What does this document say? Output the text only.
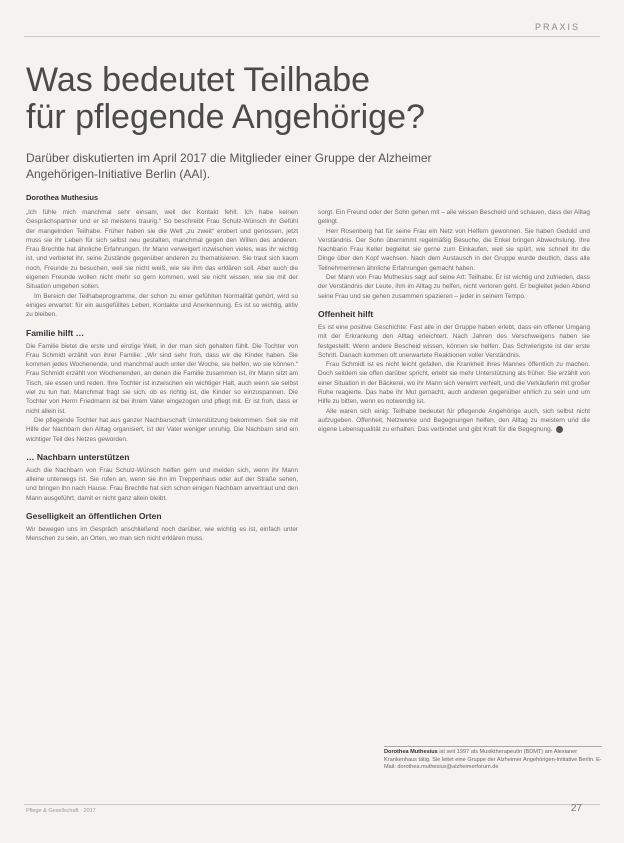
PRAXIS
Was bedeutet Teilhabe
für pflegende Angehörige?

Darüber diskutierten im April 2017 die Mitglieder einer Gruppe der Alzheimer Angehörigen-Initiative Berlin (AAI).

Dorothea Muthesius

„Ich fühle mich manchmal sehr einsam, weil der Kontakt fehlt. Ich habe keinen Gesprächspartner und er ist meistens traurig.“ So beschreibt Frau Schulz-Wünsch ihr Gefühl der mangelnden Teilhabe. Früher haben sie die Welt „zu zweit“ erobert und genossen, jetzt muss sie ihr Leben für sich selbst neu gestalten, manchmal gegen den Willen des anderen. Frau Brechtle hat ähnliche Erfahrungen. Ihr Mann verweigert inzwischen vieles, was ihr wichtig ist, und verbietet ihr, seine Zustände gegenüber anderen zu thematisieren. Sie traut sich kaum noch, Freunde zu besuchen, weil sie nicht weiß, wie sie ihm das erklären soll. Aber auch die eigenen Freunde wollen nicht mehr so gern kommen, weil sie nicht wissen, wie sie mit der Situation umgehen sollen.

Im Bereich der Teilhabeprogramme, der schon zu einer gefühlten Normalität gehört, wird so einiges erwartet: für ein ausgefülltes Leben, Kontakte und Anerkennung. Es ist so wichtig, aktiv zu bleiben.

Familie hilft …

Die Familie bietet die erste und einzige Welt, in der man sich gehalten fühlt. Die Tochter von Frau Schmidt erzählt von ihrer Familie: „Wir sind sehr froh, dass wir die Kinder haben. Sie kommen jedes Wochenende, und manchmal auch unter der Woche, sie helfen, wo sie können.“ Frau Schmidt erzählt von Wochenenden, an denen die Familie zusammen ist, ihr Mann sitzt am Tisch, sie essen und reden. Ihre Tochter ist inzwischen ein wichtiger Halt, auch wenn sie selbst viel zu tun hat. Manchmal fragt sie sich, ob es richtig ist, die Kinder so einzuspannen. Die Tochter von Herrn Friedmann ist bei ihrem Vater eingezogen und pflegt mit. Er ist froh, dass er nicht allein ist.

Die pflegende Tochter hat aus ganzer Nachbarschaft Unterstützung bekommen. Seit sie mit Hilfe der Nachbarn den Alltag organisiert, ist der Vater weniger unruhig. Die Nachbarn sind ein wichtiger Teil des Netzes geworden.

… Nachbarn unterstützen

Auch die Nachbarn von Frau Schulz-Wünsch helfen gern und melden sich, wenn ihr Mann alleine unterwegs ist. Sie rufen an, wenn sie ihn im Treppenhaus oder auf der Straße sehen, und bringen ihn nach Hause. Frau Brechtle hat sich schon einigen Nachbarn anvertraut und den Mann ausgeführt, damit er nicht ganz allein bleibt.

Geselligkeit an öffentlichen Orten

Wir bewegen uns im Gespräch anschließend noch darüber, wie wichtig es ist, einfach unter Menschen zu sein, an Orten, wo man sich nicht erklären muss.

sorgt. Ein Freund oder der Sohn gehen mit – alle wissen Bescheid und schauen, dass der Alltag gelingt.

Herr Rosenberg hat für seine Frau ein Netz von Helfern gewonnen. Sie haben Geduld und Verständnis. Der Sohn übernimmt regelmäßig Besuche, die Enkel bringen Abwechslung. Ihre Nachbarin Frau Keller begleitet sie gerne zum Einkaufen, weil sie spürt, wie schnell ihr die Dinge über den Kopf wachsen. Nach dem Austausch in der Gruppe wurde deutlich, dass alle Teilnehmerinnen ähnliche Erfahrungen gemacht haben.

Der Mann von Frau Muthesius sagt auf seine Art: Teilhabe. Er ist wichtig und zufrieden, dass der Verständnis der Leute, ihm im Alltag zu helfen, nicht verloren geht. Er begleitet jeden Abend seine Frau und sie gehen zusammen spazieren – jeder in seinem Tempo.

Offenheit hilft

Es ist eine positive Geschichte: Fast alle in der Gruppe haben erlebt, dass ein offener Umgang mit der Erkrankung den Alltag erleichtert. Nach Jahren des Verschweigens haben sie festgestellt: Wenn andere Bescheid wissen, können sie helfen. Das Schwierigste ist der erste Schritt. Danach kommen oft unerwartete Reaktionen voller Verständnis.

Frau Schmidt ist es nicht leicht gefallen, die Krankheit ihres Mannes öffentlich zu machen. Doch seitdem sie offen darüber spricht, erlebt sie mehr Unterstützung als früher. Sie erzählt von einer Situation in der Bäckerei, wo ihr Mann sich verwirrt verhielt, und die Verkäuferin mit großer Ruhe reagierte. Das habe ihr Mut gemacht, auch anderen gegenüber ehrlich zu sein und um Hilfe zu bitten, wenn es notwendig ist.

Alle waren sich einig: Teilhabe bedeutet für pflegende Angehörige auch, sich selbst nicht aufzugeben. Offenheit, Netzwerke und Begegnungen helfen, den Alltag zu meistern und die eigene Lebensqualität zu erhalten. Das verbindet und gibt Kraft für die Begegnung.

Dorothea Muthesius ist seit 1997 als Musiktherapeutin (BDMT) am Alexianer Krankenhaus tätig. Sie leitet eine Gruppe der Alzheimer Angehörigen-Initiative Berlin. E-Mail: dorothea.muthesius@alzheimerforum.de
Pflege & Gesellschaft · 2017	27
